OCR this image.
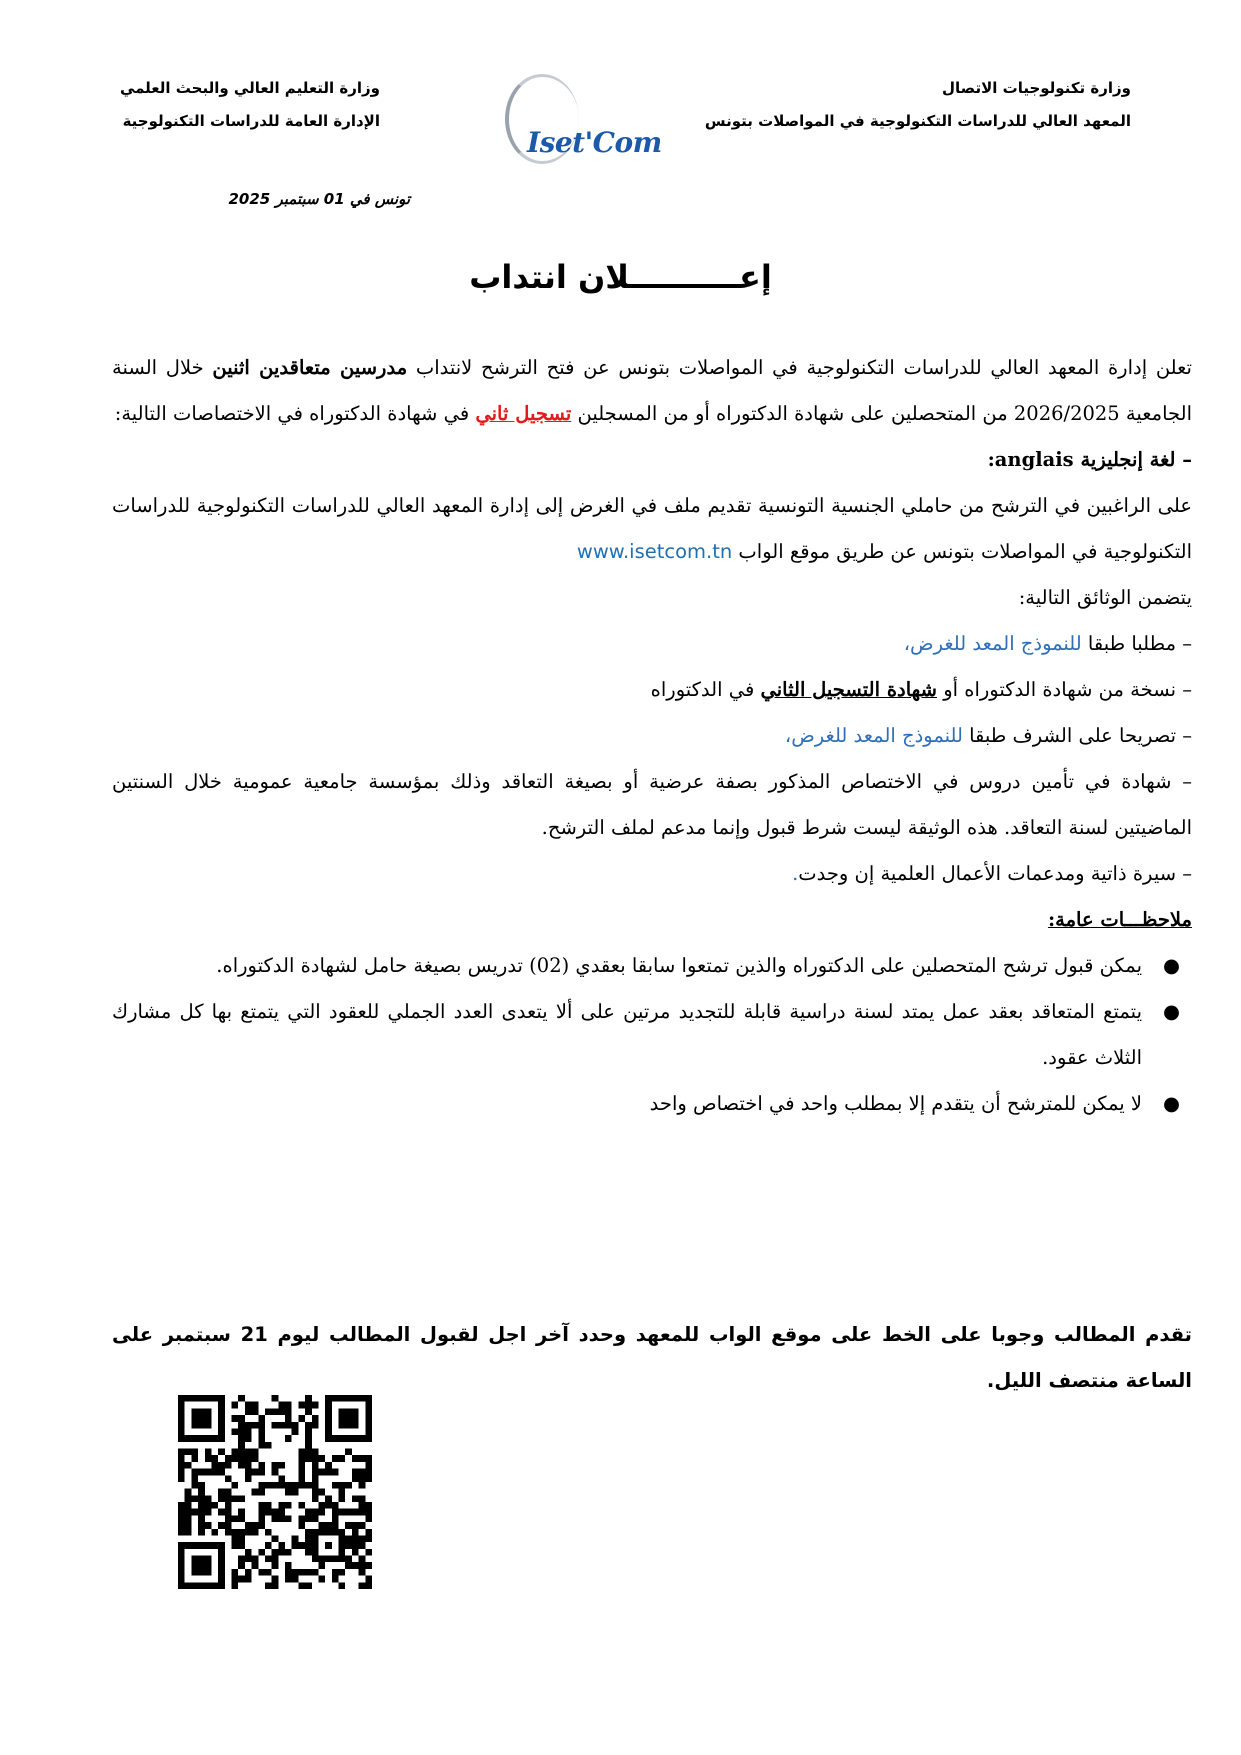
وزارة تكنولوجيات الاتصال
المعهد العالي للدراسات التكنولوجية في المواصلات بتونس
Iset'Com
وزارة التعليم العالي والبحث العلمي
الإدارة العامة للدراسات التكنولوجية
تونس في 01 سبتمبر 2025
إعــــــــــلان انتداب

تعلن إدارة المعهد العالي للدراسات التكنولوجية في المواصلات بتونس عن فتح الترشح لانتداب مدرسين متعاقدين اثنين خلال السنة الجامعية 2026/2025 من المتحصلين على شهادة الدكتوراه أو من المسجلين تسجيل ثاني في شهادة الدكتوراه في الاختصاصات التالية:

– لغة إنجليزية anglais:

على الراغبين في الترشح من حاملي الجنسية التونسية تقديم ملف في الغرض إلى إدارة المعهد العالي للدراسات التكنولوجية للدراسات التكنولوجية في المواصلات بتونس عن طريق موقع الواب www.isetcom.tn

يتضمن الوثائق التالية:

– مطلبا طبقا للنموذج المعد للغرض،

– نسخة من شهادة الدكتوراه أو شهادة التسجيل الثاني في الدكتوراه

– تصريحا على الشرف طبقا للنموذج المعد للغرض،

– شهادة في تأمين دروس في الاختصاص المذكور بصفة عرضية أو بصيغة التعاقد وذلك بمؤسسة جامعية عمومية خلال السنتين الماضيتين لسنة التعاقد. هذه الوثيقة ليست شرط قبول وإنما مدعم لملف الترشح.

– سيرة ذاتية ومدعمات الأعمال العلمية إن وجدت.

ملاحظـــات عامة:

●
يمكن قبول ترشح المتحصلين على الدكتوراه والذين تمتعوا سابقا بعقدي (02) تدريس بصيغة حامل لشهادة الدكتوراه.

●
يتمتع المتعاقد بعقد عمل يمتد لسنة دراسية قابلة للتجديد مرتين على ألا يتعدى العدد الجملي للعقود التي يتمتع بها كل مشارك الثلاث عقود.

●
لا يمكن للمترشح أن يتقدم إلا بمطلب واحد في اختصاص واحد

تقدم المطالب وجوبا على الخط على موقع الواب للمعهد وحدد آخر اجل لقبول المطالب ليوم 21 سبتمبر على الساعة منتصف الليل.
